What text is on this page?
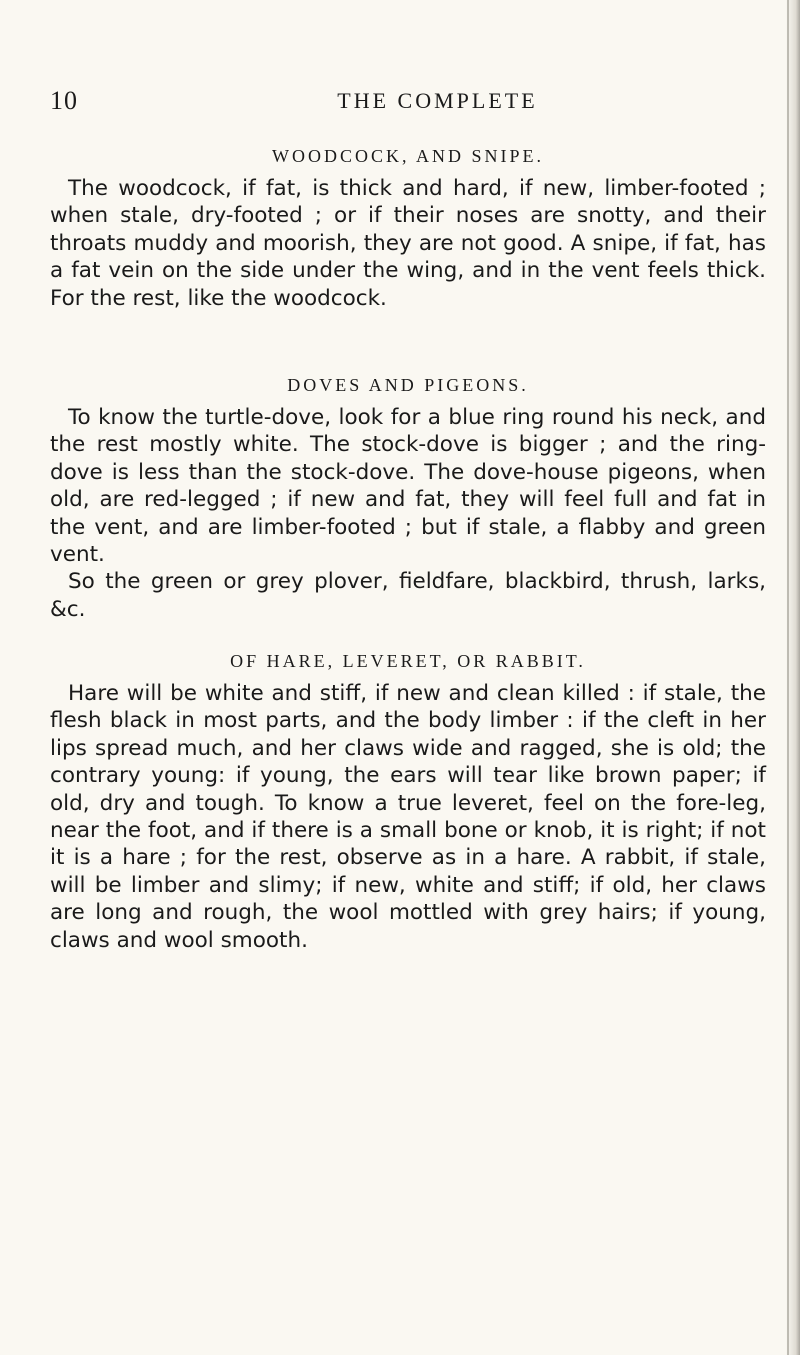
10	THE COMPLETE
WOODCOCK, AND SNIPE.

The woodcock, if fat, is thick and hard, if new, limber-footed ; when stale, dry-footed ; or if their noses are snotty, and their throats muddy and moorish, they are not good. A snipe, if fat, has a fat vein on the side under the wing, and in the vent feels thick. For the rest, like the woodcock.

DOVES AND PIGEONS.

To know the turtle-dove, look for a blue ring round his neck, and the rest mostly white. The stock-dove is bigger ; and the ring-dove is less than the stock-dove. The dove-house pigeons, when old, are red-legged ; if new and fat, they will feel full and fat in the vent, and are limber-footed ; but if stale, a flabby and green vent.

So the green or grey plover, fieldfare, blackbird, thrush, larks, &c.

OF HARE, LEVERET, OR RABBIT.

Hare will be white and stiff, if new and clean killed : if stale, the flesh black in most parts, and the body limber : if the cleft in her lips spread much, and her claws wide and ragged, she is old; the contrary young: if young, the ears will tear like brown paper; if old, dry and tough. To know a true leveret, feel on the fore-leg, near the foot, and if there is a small bone or knob, it is right; if not it is a hare ; for the rest, observe as in a hare. A rabbit, if stale, will be limber and slimy; if new, white and stiff; if old, her claws are long and rough, the wool mottled with grey hairs; if young, claws and wool smooth.
